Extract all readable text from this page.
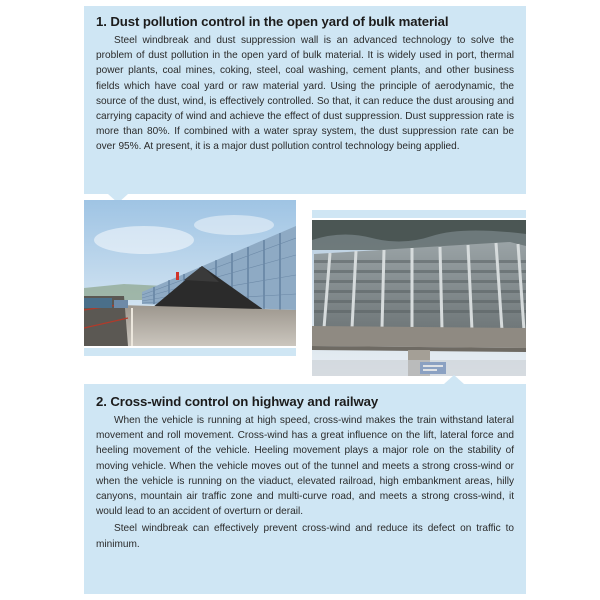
1. Dust pollution control in the open yard of bulk material

Steel windbreak and dust suppression wall is an advanced technology to solve the problem of dust pollution in the open yard of bulk material. It is widely used in port, thermal power plants, coal mines, coking, steel, coal washing, cement plants, and other business fields which have coal yard or raw material yard. Using the principle of aerodynamic, the source of the dust, wind, is effectively controlled. So that, it can reduce the dust arousing and carrying capacity of wind and achieve the effect of dust suppression. Dust suppression rate is more than 80%. If combined with a water spray system, the dust suppression rate can be over 95%. At present, it is a major dust pollution control technology being applied.

2. Cross-wind control on highway and railway

When the vehicle is running at high speed, cross-wind makes the train withstand lateral movement and roll movement. Cross-wind has a great influence on the lift, lateral force and heeling movement of the vehicle. Heeling movement plays a major role on the stability of moving vehicle. When the vehicle moves out of the tunnel and meets a strong cross-wind or when the vehicle is running on the viaduct, elevated railroad, high embankment areas, hilly canyons, mountain air traffic zone and multi-curve road, and meets a strong cross-wind, it would lead to an accident of overturn or derail.

Steel windbreak can effectively prevent cross-wind and reduce its defect on traffic to minimum.
